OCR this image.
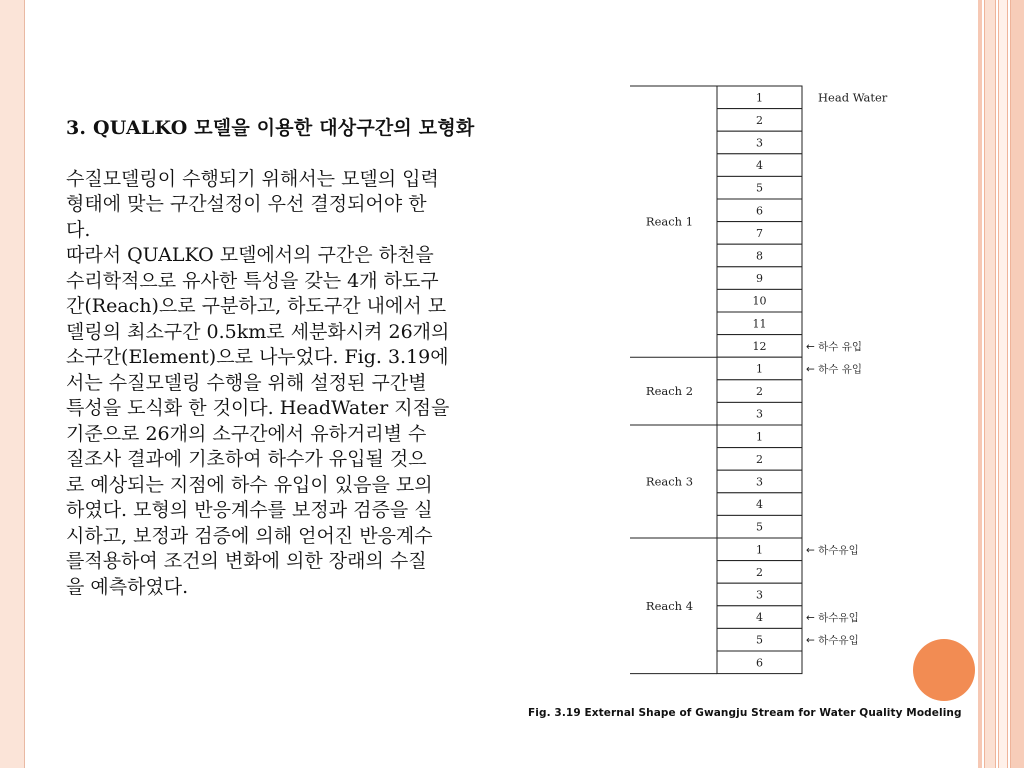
3. QUALKO 모델을 이용한 대상구간의 모형화
수질모델링이 수행되기 위해서는 모델의 입력
형태에 맞는 구간설정이 우선 결정되어야 한
다.
따라서 QUALKO 모델에서의 구간은 하천을
수리학적으로 유사한 특성을 갖는 4개 하도구
간(Reach)으로 구분하고, 하도구간 내에서 모
델링의 최소구간 0.5km로 세분화시켜 26개의
소구간(Element)으로 나누었다. Fig. 3.19에
서는 수질모델링 수행을 위해 설정된 구간별
특성을 도식화 한 것이다. HeadWater 지점을
기준으로 26개의 소구간에서 유하거리별 수
질조사 결과에 기초하여 하수가 유입될 것으
로 예상되는 지점에 하수 유입이 있음을 모의
하였다. 모형의 반응계수를 보정과 검증을 실
시하고, 보정과 검증에 의해 얻어진 반응계수
를적용하여 조건의 변화에 의한 장래의 수질
을 예측하였다.
1
2
3
4
5
6
7
8
9
10
11
12
Reach 1
1
2
3
Reach 2
1
2
3
4
5
Reach 3
1
2
3
4
5
6
Reach 4
Head Water
← 하수 유입
← 하수 유입
← 하수유입
← 하수유입
← 하수유입
Fig. 3.19 External Shape of Gwangju Stream for Water Quality Modeling
